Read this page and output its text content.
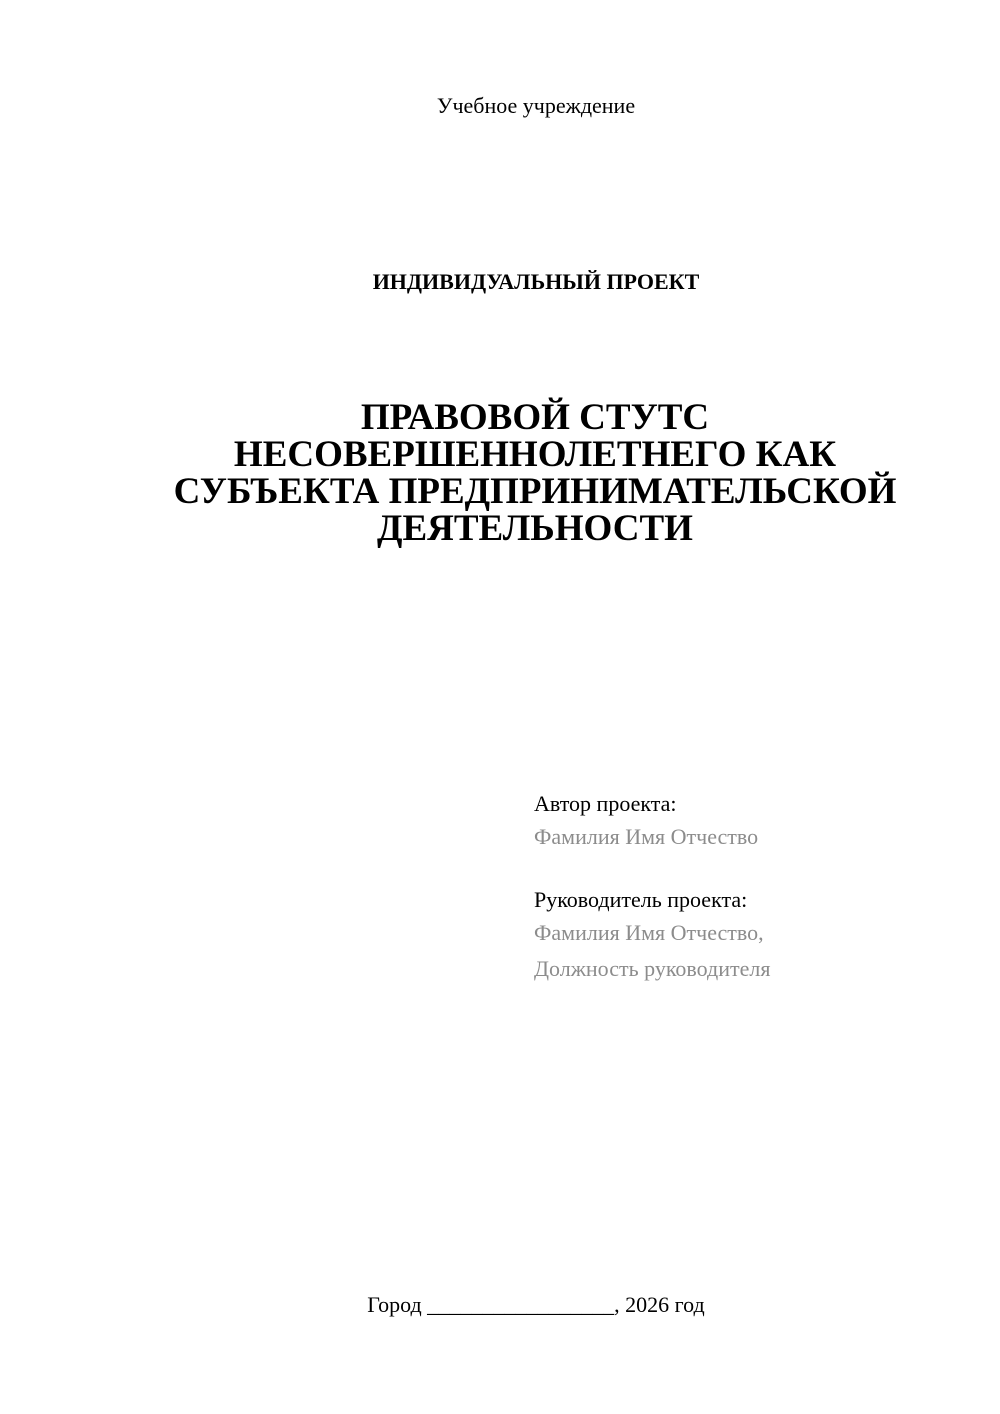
Учебное учреждение
ИНДИВИДУАЛЬНЫЙ ПРОЕКТ
ПРАВОВОЙ СТУТС
НЕСОВЕРШЕННОЛЕТНЕГО КАК
СУБЪЕКТА ПРЕДПРИНИМАТЕЛЬСКОЙ
ДЕЯТЕЛЬНОСТИ
Автор проекта:
Фамилия Имя Отчество
Руководитель проекта:
Фамилия Имя Отчество,
Должность руководителя
Город _________________, 2026 год
